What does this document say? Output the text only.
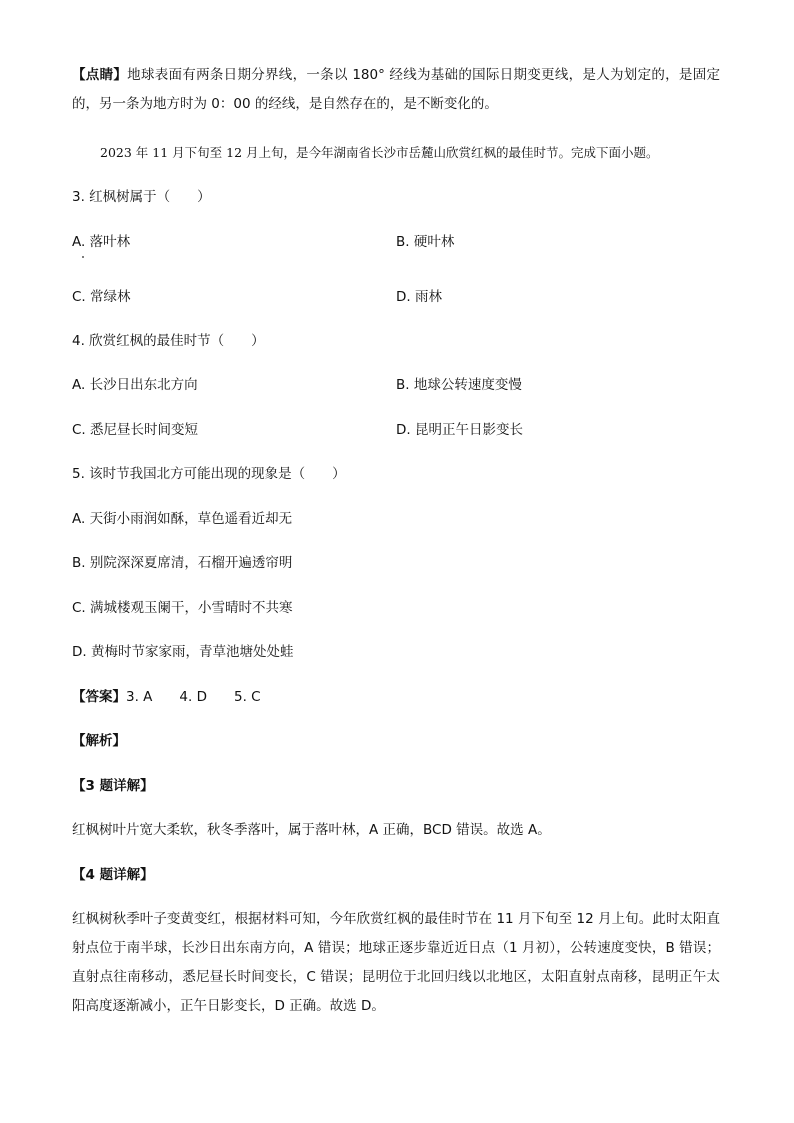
【点睛】地球表面有两条日期分界线，一条以 180° 经线为基础的国际日期变更线，是人为划定的，是固定的，另一条为地方时为 0：00 的经线，是自然存在的，是不断变化的。
2023 年 11 月下旬至 12 月上旬，是今年湖南省长沙市岳麓山欣赏红枫的最佳时节。完成下面小题。
3. 红枫树属于（　　）
A. 落叶林	B. 硬叶林
C. 常绿林	D. 雨林
4. 欣赏红枫的最佳时节（　　）
A. 长沙日出东北方向	B. 地球公转速度变慢
C. 悉尼昼长时间变短	D. 昆明正午日影变长
5. 该时节我国北方可能出现的现象是（　　）
A. 天街小雨润如酥，草色遥看近却无
B. 别院深深夏席清，石榴开遍透帘明
C. 满城楼观玉阑干，小雪晴时不共寒
D. 黄梅时节家家雨，青草池塘处处蛙
【答案】3. A　　4. D　　5. C
【解析】
【3 题详解】
红枫树叶片宽大柔软，秋冬季落叶，属于落叶林，A 正确，BCD 错误。故选 A。
【4 题详解】
红枫树秋季叶子变黄变红，根据材料可知，今年欣赏红枫的最佳时节在 11 月下旬至 12 月上旬。此时太阳直射点位于南半球，长沙日出东南方向，A 错误；地球正逐步靠近近日点（1 月初），公转速度变快，B 错误；直射点往南移动，悉尼昼长时间变长，C 错误；昆明位于北回归线以北地区，太阳直射点南移，昆明正午太阳高度逐渐减小，正午日影变长，D 正确。故选 D。
